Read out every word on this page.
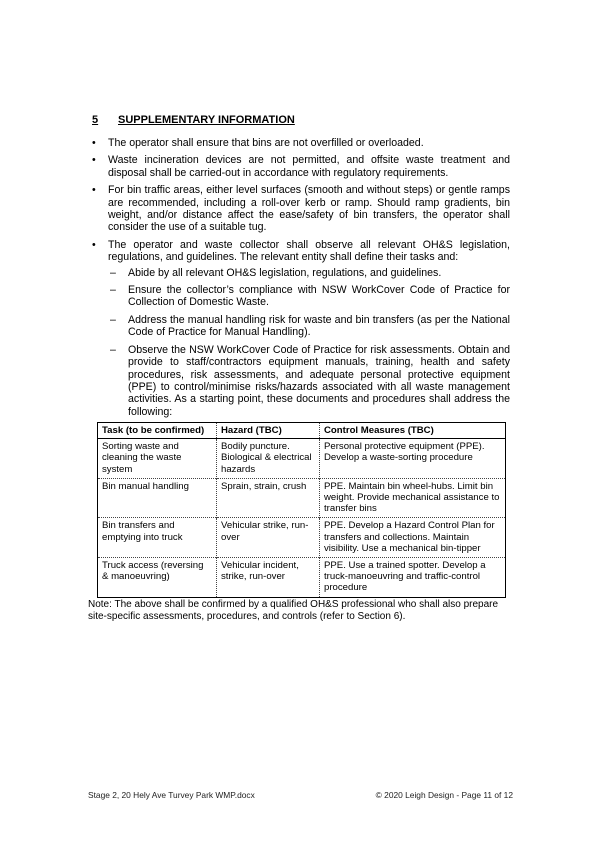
5 SUPPLEMENTARY INFORMATION
• The operator shall ensure that bins are not overfilled or overloaded.
• Waste incineration devices are not permitted, and offsite waste treatment and disposal shall be carried-out in accordance with regulatory requirements.
• For bin traffic areas, either level surfaces (smooth and without steps) or gentle ramps are recommended, including a roll-over kerb or ramp. Should ramp gradients, bin weight, and/or distance affect the ease/safety of bin transfers, the operator shall consider the use of a suitable tug.
• The operator and waste collector shall observe all relevant OH&S legislation, regulations, and guidelines. The relevant entity shall define their tasks and:
– Abide by all relevant OH&S legislation, regulations, and guidelines.
– Ensure the collector’s compliance with NSW WorkCover Code of Practice for Collection of Domestic Waste.
– Address the manual handling risk for waste and bin transfers (as per the National Code of Practice for Manual Handling).
– Observe the NSW WorkCover Code of Practice for risk assessments. Obtain and provide to staff/contractors equipment manuals, training, health and safety procedures, risk assessments, and adequate personal protective equipment (PPE) to control/minimise risks/hazards associated with all waste management activities. As a starting point, these documents and procedures shall address the following:
Task (to be confirmed)	Hazard (TBC)	Control Measures (TBC)
Sorting waste and cleaning the waste system	Bodily puncture. Biological & electrical hazards	Personal protective equipment (PPE). Develop a waste-sorting procedure
Bin manual handling	Sprain, strain, crush	PPE. Maintain bin wheel-hubs. Limit bin weight. Provide mechanical assistance to transfer bins
Bin transfers and emptying into truck	Vehicular strike, run-over	PPE. Develop a Hazard Control Plan for transfers and collections. Maintain visibility. Use a mechanical bin-tipper
Truck access (reversing & manoeuvring)	Vehicular incident, strike, run-over	PPE. Use a trained spotter. Develop a truck-manoeuvring and traffic-control procedure
Note: The above shall be confirmed by a qualified OH&S professional who shall also prepare site-specific assessments, procedures, and controls (refer to Section 6).
Stage 2, 20 Hely Ave Turvey Park WMP.docx	© 2020 Leigh Design - Page 11 of 12
